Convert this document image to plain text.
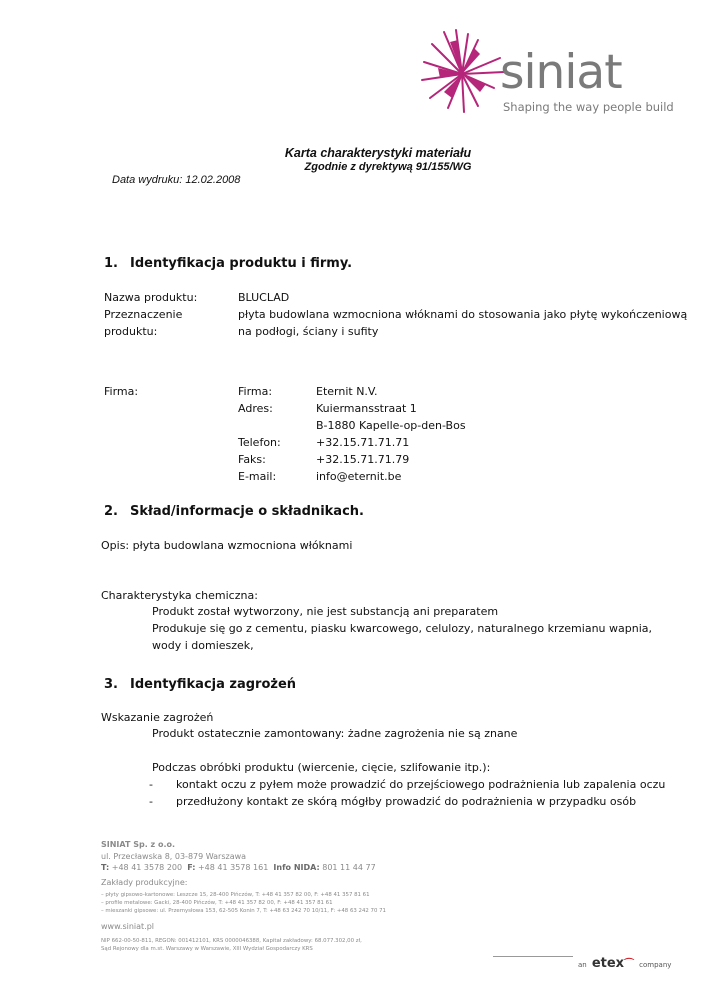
siniat
Shaping the way people build
Karta charakterystyki materiału
Zgodnie z dyrektywą 91/155/WG
Data wydruku: 12.02.2008
1. Identyfikacja produktu i firmy.
Nazwa produktu:	BLUCLAD
Przeznaczenie	płyta budowlana wzmocniona włóknami do stosowania jako płytę wykończeniową
produktu:	na podłogi, ściany i sufity
Firma:	Firma:	Eternit N.V.
Adres:	Kuiermansstraat 1
B-1880 Kapelle-op-den-Bos
Telefon:	+32.15.71.71.71
Faks:	+32.15.71.71.79
E-mail:	info@eternit.be
2. Skład/informacje o składnikach.
Opis: płyta budowlana wzmocniona włóknami
Charakterystyka chemiczna:
Produkt został wytworzony, nie jest substancją ani preparatem
Produkuje się go z cementu, piasku kwarcowego, celulozy, naturalnego krzemianu wapnia,
wody i domieszek,
3. Identyfikacja zagrożeń
Wskazanie zagrożeń
Produkt ostatecznie zamontowany: żadne zagrożenia nie są znane
Podczas obróbki produktu (wiercenie, cięcie, szlifowanie itp.):
- kontakt oczu z pyłem może prowadzić do przejściowego podrażnienia lub zapalenia oczu
- przedłużony kontakt ze skórą mógłby prowadzić do podrażnienia w przypadku osób
SINIAT Sp. z o.o.
ul. Przecławska 8, 03-879 Warszawa
T: +48 41 3578 200 F: +48 41 3578 161 Info NIDA: 801 11 44 77
Zakłady produkcyjne:
– płyty gipsowo-kartonowe: Leszcze 15, 28-400 Pińczów, T: +48 41 357 82 00, F: +48 41 357 81 61
– profile metalowe: Gacki, 28-400 Pińczów, T: +48 41 357 82 00, F: +48 41 357 81 61
– mieszanki gipsowe: ul. Przemysłowa 153, 62-505 Konin 7, T: +48 63 242 70 10/11, F: +48 63 242 70 71
www.siniat.pl
NIP 662-00-50-811, REGON: 001412101, KRS 0000046388, Kapitał zakładowy: 68.077.302,00 zł,
Sąd Rejonowy dla m.st. Warszawy w Warszawie, XIII Wydział Gospodarczy KRS
an etex⌒ company
